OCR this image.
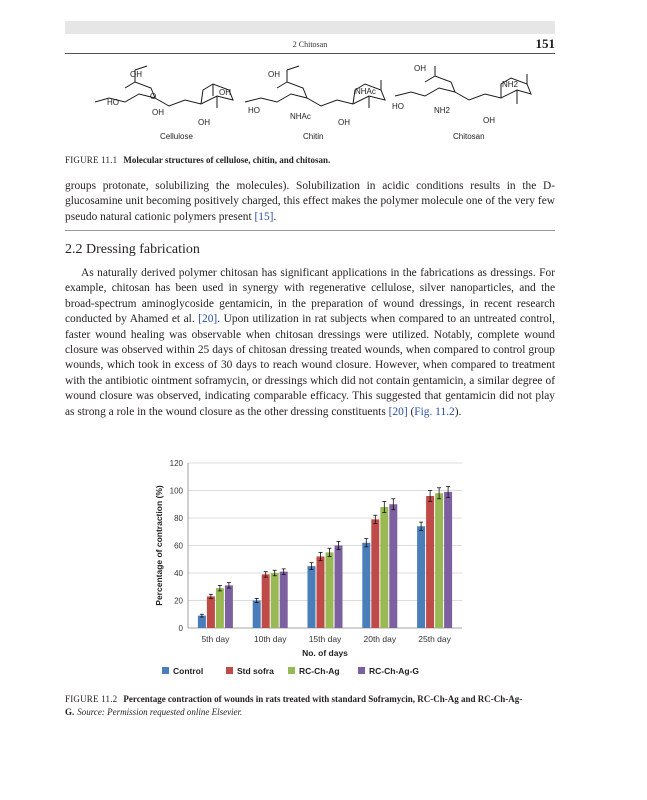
2 Chitosan	151
OH
HO
O	OH
OH
OH
OH
HO
NHAc
NHAc
OH
OH
HO	NH2
NH2
OH
Cellulose	Chitin	Chitosan
FIGURE 11.1 Molecular structures of cellulose, chitin, and chitosan.
groups protonate, solubilizing the molecules). Solubilization in acidic conditions results in the D-glucosamine unit becoming positively charged, this effect makes the polymer molecule one of the very few pseudo natural cationic polymers present [15].
2.2 Dressing fabrication
As naturally derived polymer chitosan has significant applications in the fabrications as dressings. For example, chitosan has been used in synergy with regenerative cellulose, silver nanoparticles, and the broad-spectrum aminoglycoside gentamicin, in the preparation of wound dressings, in recent research conducted by Ahamed et al. [20]. Upon utilization in rat subjects when compared to an untreated control, faster wound healing was observable when chitosan dressings were utilized. Notably, complete wound closure was observed within 25 days of chitosan dressing treated wounds, when compared to control group wounds, which took in excess of 30 days to reach wound closure. However, when compared to treatment with the antibiotic ointment soframycin, or dressings which did not contain gentamicin, a similar degree of wound closure was observed, indicating comparable efficacy. This suggested that gentamicin did not play as strong a role in the wound closure as the other dressing constituents [20] (Fig. 11.2).
0
20
40
60
80
100
120
Percentage of contraction (%)
5th day	10th day	15th day	20th day	25th day
No. of days
Control	Std sofra	RC-Ch-Ag	RC-Ch-Ag-G
FIGURE 11.2 Percentage contraction of wounds in rats treated with standard Soframycin, RC-Ch-Ag and RC-Ch-Ag-G. Source: Permission requested online Elsevier.
